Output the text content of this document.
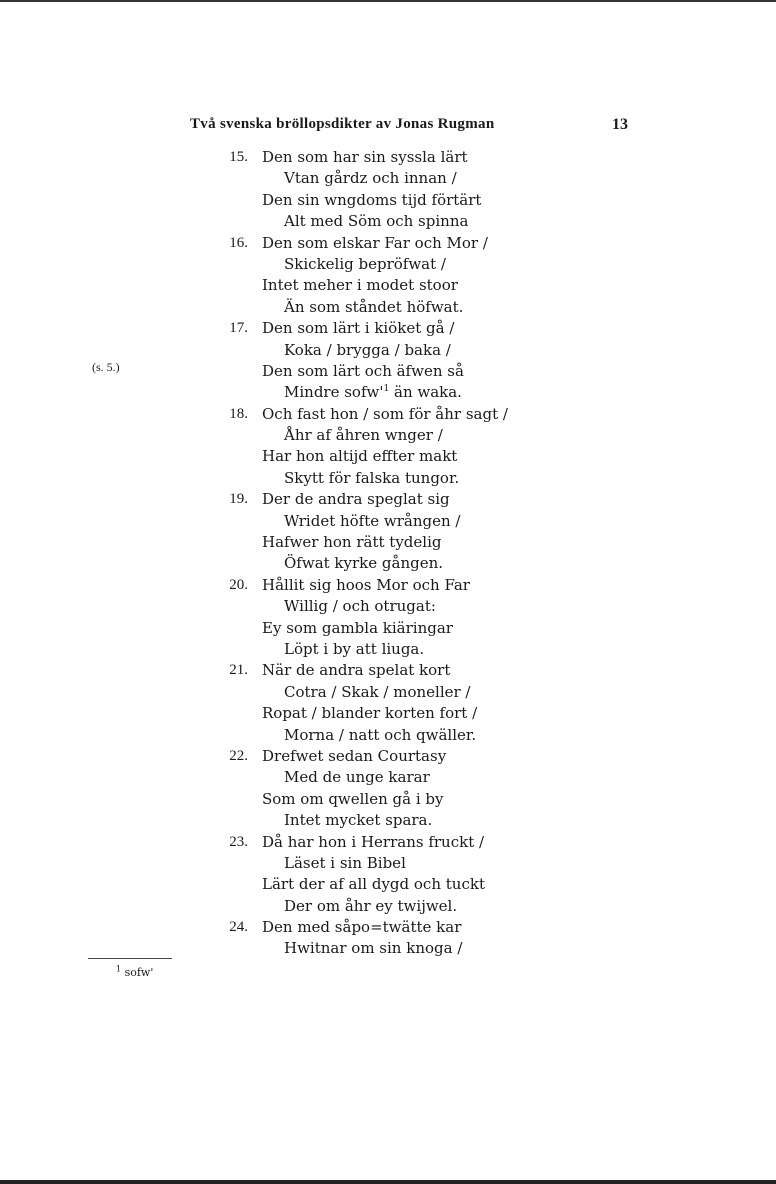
Två svenska bröllopsdikter av Jonas Rugman	13
(s. 5.)
15. Den som har sin syssla lärt
Vtan gårdz och innan /
Den sin wngdoms tijd förtärt
Alt med Söm och spinna
16. Den som elskar Far och Mor /
Skickelig bepröfwat /
Intet meher i modet stoor
Än som ståndet höfwat.
17. Den som lärt i kiöket gå /
Koka / brygga / baka /
Den som lärt och äfwen så
Mindre $sofw'^1$ än waka.
18. Och fast hon / som för åhr sagt /
Åhr af åhren wnger /
Har hon altijd effter makt
Skytt för falska tungor.
19. Der de andra speglat sig
Wridet höfte wrången /
Hafwer hon rätt tydelig
Öfwat kyrke gången.
20. Hållit sig hoos Mor och Far
Willig / och otrugat:
Ey som gambla kiäringar
Löpt i by att liuga.
21. När de andra spelat kort
Cotra / Skak / moneller /
Ropat / blander korten fort /
Morna / natt och qwäller.
22. Drefwet sedan Courtasy
Med de unge karar
Som om qwellen gå i by
Intet mycket spara.
23. Då har hon i Herrans fruckt /
Läset i sin Bibel
Lärt der af all dygd och tuckt
Der om åhr ey twijwel.
24. Den med såpo=twätte kar
Hwitnar om sin knoga /
$^1$ sofw'
